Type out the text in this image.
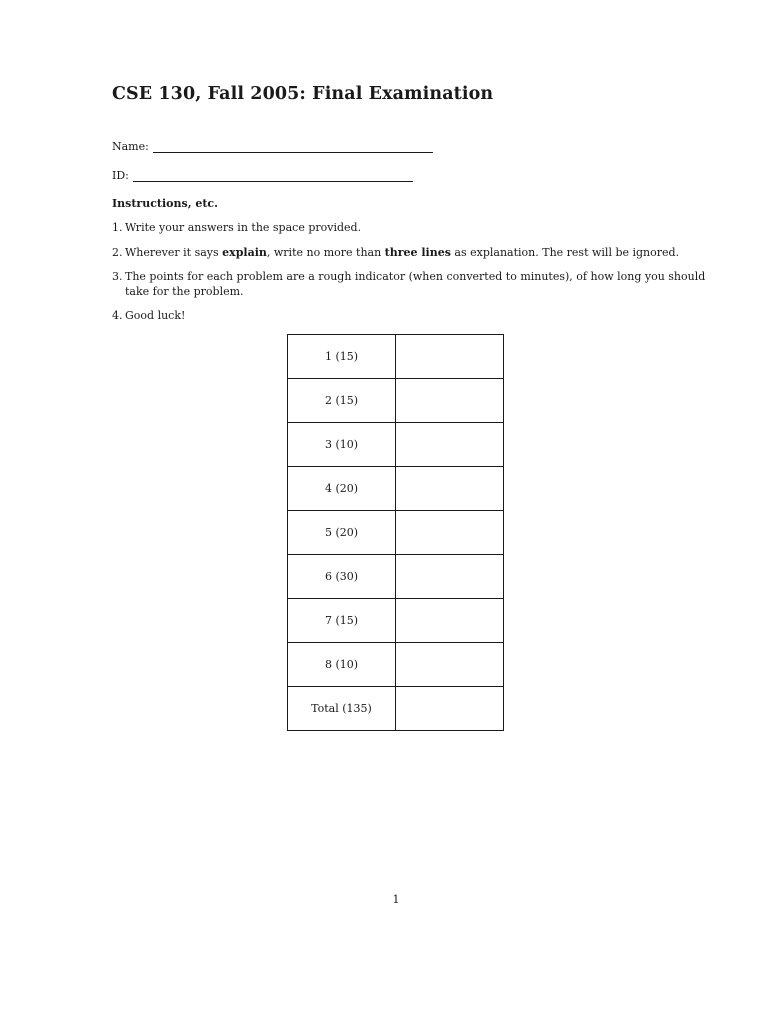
CSE 130, Fall 2005: Final Examination
Name:
ID:
Instructions, etc.
1. Write your answers in the space provided.
2. Wherever it says explain, write no more than three lines as explanation. The rest will be ignored.
3. The points for each problem are a rough indicator (when converted to minutes), of how long you should take for the problem.
4. Good luck!
1 (15)	
2 (15)	
3 (10)	
4 (20)	
5 (20)	
6 (30)	
7 (15)	
8 (10)	
Total (135)	
1
